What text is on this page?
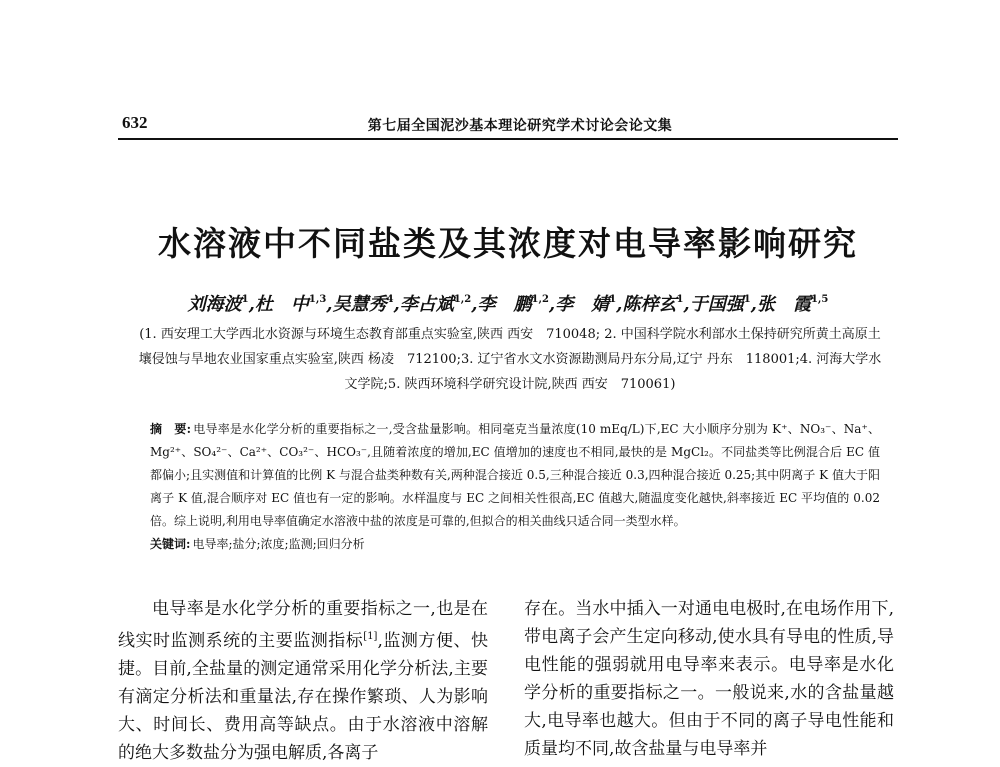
632	第七届全国泥沙基本理论研究学术讨论会论文集
水溶液中不同盐类及其浓度对电导率影响研究
刘海波$^1$,杜　中$^{1,3}$,吴慧秀$^4$,李占斌$^{1,2}$,李　鹏$^{1,2}$,李　婧$^1$,陈梓玄$^1$,于国强$^1$,张　霞$^{1,5}$
(1. 西安理工大学西北水资源与环境生态教育部重点实验室,陕西 西安　710048; 2. 中国科学院水利部水土保持研究所黄土高原土壤侵蚀与旱地农业国家重点实验室,陕西 杨凌　712100;3. 辽宁省水文水资源勘测局丹东分局,辽宁 丹东　118001;4. 河海大学水文学院;5. 陕西环境科学研究设计院,陕西 西安　710061)
摘　要: 电导率是水化学分析的重要指标之一,受含盐量影响。相同毫克当量浓度(10 mEq/L)下,EC 大小顺序分别为 K⁺、NO₃⁻、Na⁺、Mg²⁺、SO₄²⁻、Ca²⁺、CO₃²⁻、HCO₃⁻,且随着浓度的增加,EC 值增加的速度也不相同,最快的是 MgCl₂。不同盐类等比例混合后 EC 值都偏小;且实测值和计算值的比例 K 与混合盐类种数有关,两种混合接近 0.5,三种混合接近 0.3,四种混合接近 0.25;其中阴离子 K 值大于阳离子 K 值,混合顺序对 EC 值也有一定的影响。水样温度与 EC 之间相关性很高,EC 值越大,随温度变化越快,斜率接近 EC 平均值的 0.02 倍。综上说明,利用电导率值确定水溶液中盐的浓度是可靠的,但拟合的相关曲线只适合同一类型水样。
关键词: 电导率;盐分;浓度;监测;回归分析
电导率是水化学分析的重要指标之一,也是在线实时监测系统的主要监测指标[1],监测方便、快捷。目前,全盐量的测定通常采用化学分析法,主要有滴定分析法和重量法,存在操作繁琐、人为影响大、时间长、费用高等缺点。由于水溶液中溶解的绝大多数盐分为强电解质,各离子
存在。当水中插入一对通电电极时,在电场作用下,带电离子会产生定向移动,使水具有导电的性质,导电性能的强弱就用电导率来表示。电导率是水化学分析的重要指标之一。一般说来,水的含盐量越大,电导率也越大。但由于不同的离子导电性能和质量均不同,故含盐量与电导率并
